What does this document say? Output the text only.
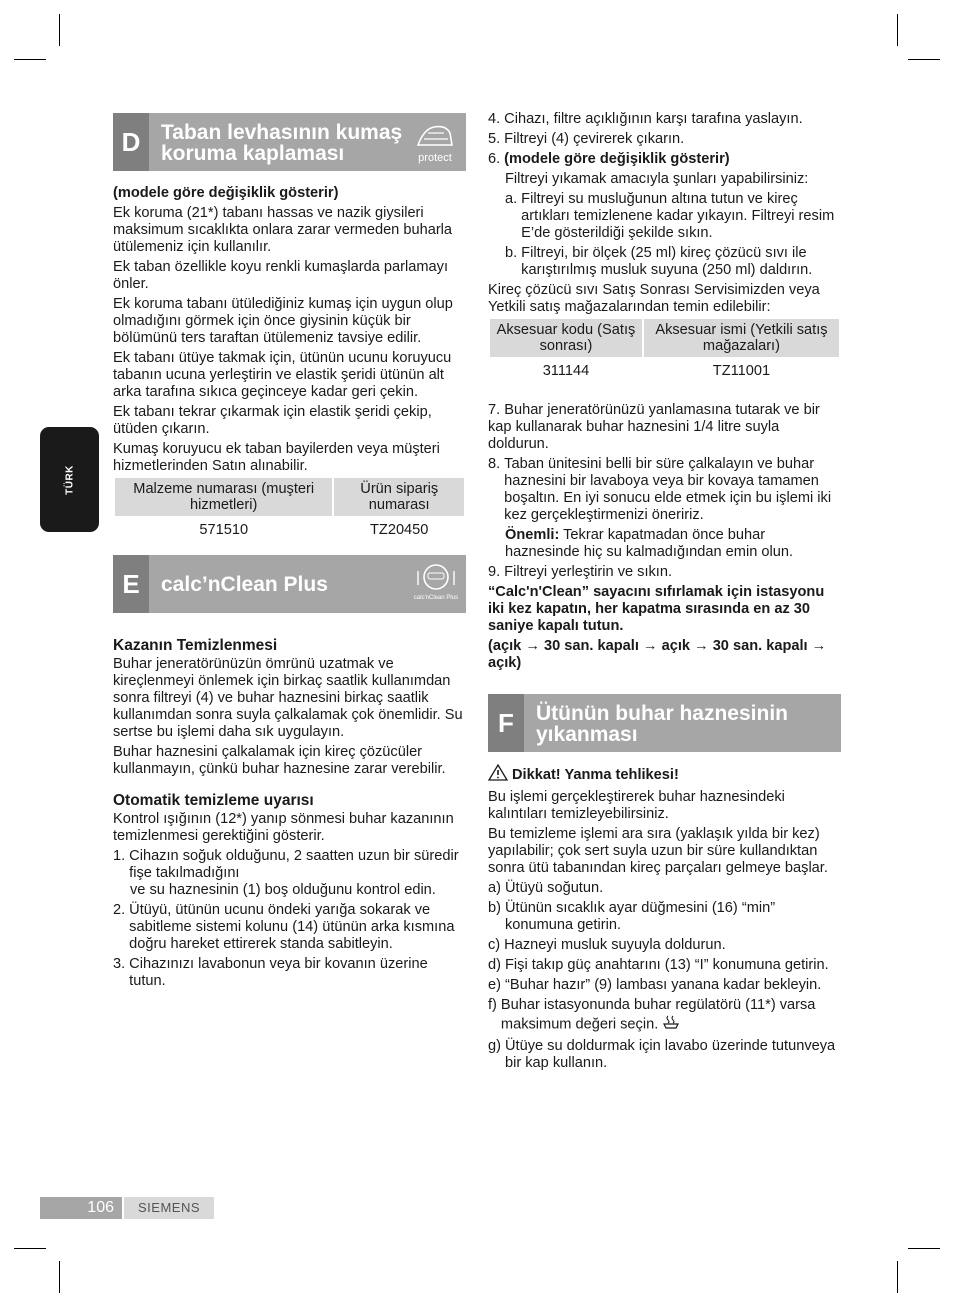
TÜRK
D Taban levhasının kumaş koruma kaplaması	protect

(modele göre değişiklik gösterir)

Ek koruma (21*) tabanı hassas ve nazik giysileri maksimum sıcaklıkta onlara zarar vermeden buharla ütülemeniz için kullanılır.

Ek taban özellikle koyu renkli kumaşlarda parlamayı önler.

Ek koruma tabanı ütülediğiniz kumaş için uygun olup olmadığını görmek için önce giysinin küçük bir bölümünü ters taraftan ütülemeniz tavsiye edilir.

Ek tabanı ütüye takmak için, ütünün ucunu koruyucu tabanın ucuna yerleştirin ve elastik şeridi ütünün alt arka tarafına sıkıca geçinceye kadar geri çekin.

Ek tabanı tekrar çıkarmak için elastik şeridi çekip, ütüden çıkarın.

Kumaş koruyucu ek taban bayilerden veya müşteri hizmetlerinden Satın alınabilir.

Malzeme numarası (muşteri hizmetleri)	Ürün sipariş numarası
571510	TZ20450
E	calc’nClean Plus
calc'nClean Plus
Kazanın Temizlenmesi

Buhar jeneratörünüzün ömrünü uzatmak ve kireçlenmeyi önlemek için birkaç saatlik kullanımdan sonra filtreyi (4) ve buhar haznesini birkaç saatlik kullanımdan sonra suyla çalkalamak çok önemlidir. Su sertse bu işlemi daha sık uygulayın.

Buhar haznesini çalkalamak için kireç çözücüler kullanmayın, çünkü buhar haznesine zarar verebilir.

Otomatik temizleme uyarısı

Kontrol ışığının (12*) yanıp sönmesi buhar kazanının temizlenmesi gerektiğini gösterir.

1. Cihazın soğuk olduğunu, 2 saatten uzun bir süredir fişe takılmadığını
ve su haznesinin (1) boş olduğunu kontrol edin.
2. Ütüyü, ütünün ucunu öndeki yarığa sokarak ve sabitleme sistemi kolunu (14) ütünün arka kısmına doğru hareket ettirerek standa sabitleyin.
3. Cihazınızı lavabonun veya bir kovanın üzerine tutun.
4. Cihazı, filtre açıklığının karşı tarafına yaslayın.
5. Filtreyi (4) çevirerek çıkarın.
6. (modele göre değişiklik gösterir)

Filtreyi yıkamak amacıyla şunları yapabilirsiniz:

a. Filtreyi su musluğunun altına tutun ve kireç artıkları temizlenene kadar yıkayın. Filtreyi resim E’de gösterildiği şekilde sıkın.
b. Filtreyi, bir ölçek (25 ml) kireç çözücü sıvı ile karıştırılmış musluk suyuna (250 ml) daldırın.

Kireç çözücü sıvı Satış Sonrası Servisimizden veya Yetkili satış mağazalarından temin edilebilir:

Aksesuar kodu (Satış sonrası)	Aksesuar ismi (Yetkili satış mağazaları)
311144	TZ11001

7. Buhar jeneratörünüzü yanlamasına tutarak ve bir kap kullanarak buhar haznesini 1/4 litre suyla doldurun.

8. Taban ünitesini belli bir süre çalkalayın ve buhar haznesini bir lavaboya veya bir kovaya tamamen boşaltın. En iyi sonucu elde etmek için bu işlemi iki kez gerçekleştirmenizi öneririz.

Önemli: Tekrar kapatmadan önce buhar haznesinde hiç su kalmadığından emin olun.

9. Filtreyi yerleştirin ve sıkın.

“Calc'n'Clean” sayacını sıfırlamak için istasyonu iki kez kapatın, her kapatma sırasında en az 30 saniye kapalı tutun.

(açık → 30 san. kapalı → açık → 30 san. kapalı → açık)

F	Ütünün buhar haznesinin yıkanması

Dikkat! Yanma tehlikesi!

Bu işlemi gerçekleştirerek buhar haznesindeki kalıntıları temizleyebilirsiniz.

Bu temizleme işlemi ara sıra (yaklaşık yılda bir kez) yapılabilir; çok sert suyla uzun bir süre kullandıktan sonra ütü tabanından kireç parçaları gelmeye başlar.

a) Ütüyü soğutun.
b) Ütünün sıcaklık ayar düğmesini (16) “min” konumuna getirin.
c) Hazneyi musluk suyuyla doldurun.
d) Fişi takıp güç anahtarını (13) “I” konumuna getirin.
e) “Buhar hazır” (9) lambası yanana kadar bekleyin.
f) Buhar istasyonunda buhar regülatörü (11*) varsa maksimum değeri seçin.
g) Ütüye su doldurmak için lavabo üzerinde tutunveya bir kap kullanın.
106	SIEMENS
